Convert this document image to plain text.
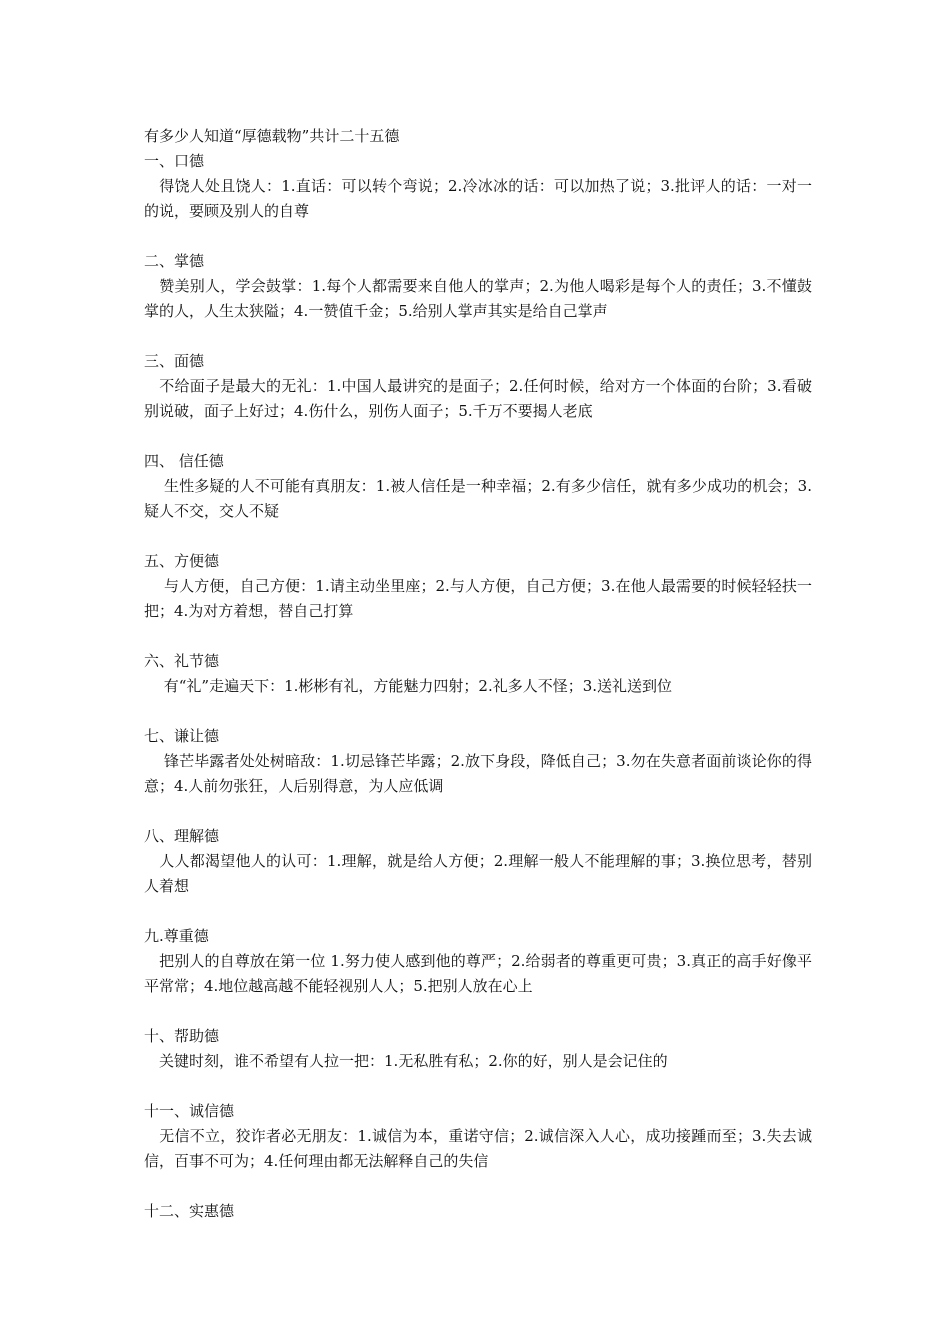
有多少人知道“厚德载物”共计二十五德

一、口德

　得饶人处且饶人：1.直话：可以转个弯说；2.冷冰冰的话：可以加热了说；3.批评人的话：一对一的说，要顾及别人的自尊

二、掌德

　赞美别人，学会鼓掌：1.每个人都需要来自他人的掌声；2.为他人喝彩是每个人的责任；3.不懂鼓掌的人，人生太狭隘；4.一赞值千金；5.给别人掌声其实是给自己掌声

三、面德

　不给面子是最大的无礼：1.中国人最讲究的是面子；2.任何时候，给对方一个体面的台阶；3.看破别说破，面子上好过；4.伤什么，别伤人面子；5.千万不要揭人老底

四、 信任德

　 生性多疑的人不可能有真朋友：1.被人信任是一种幸福；2.有多少信任，就有多少成功的机会；3.疑人不交，交人不疑

五、方便德

　 与人方便，自己方便：1.请主动坐里座；2.与人方便，自己方便；3.在他人最需要的时候轻轻扶一把；4.为对方着想，替自己打算

六、礼节德

　 有“礼”走遍天下：1.彬彬有礼，方能魅力四射；2.礼多人不怪；3.送礼送到位

七、谦让德

　 锋芒毕露者处处树暗敌：1.切忌锋芒毕露；2.放下身段，降低自己；3.勿在失意者面前谈论你的得意；4.人前勿张狂，人后别得意，为人应低调

八、理解德

　人人都渴望他人的认可：1.理解，就是给人方便；2.理解一般人不能理解的事；3.换位思考，替别人着想

九.尊重德

　把别人的自尊放在第一位 1.努力使人感到他的尊严；2.给弱者的尊重更可贵；3.真正的高手好像平平常常；4.地位越高越不能轻视别人人；5.把别人放在心上

十、帮助德

　关键时刻，谁不希望有人拉一把：1.无私胜有私；2.你的好，别人是会记住的

十一、诚信德

　无信不立，狡诈者必无朋友：1.诚信为本，重诺守信；2.诚信深入人心，成功接踵而至；3.失去诚信，百事不可为；4.任何理由都无法解释自己的失信

十二、实惠德
